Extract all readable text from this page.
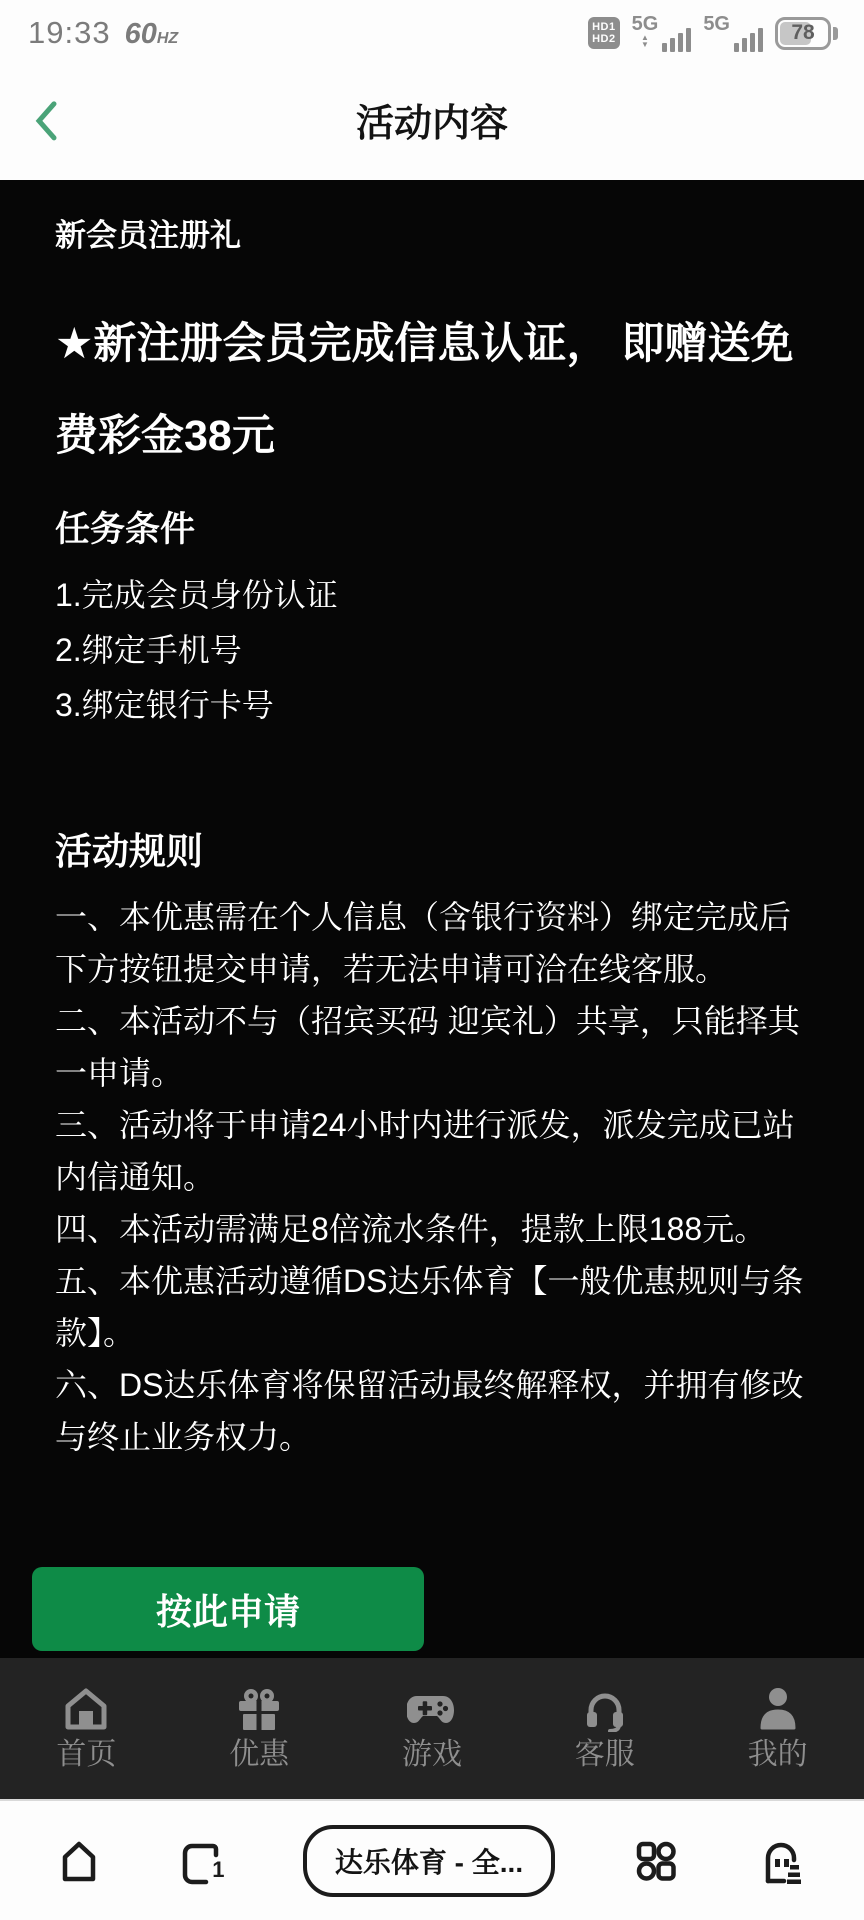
19:33 60HZ
HD1
HD2
5G
▲
▼
5G	78
活动内容
新会员注册礼
★新注册会员完成信息认证， 即赠送免费彩金38元
任务条件
1.完成会员身份认证
2.绑定手机号
3.绑定银行卡号
活动规则

一、本优惠需在个人信息（含银行资料）绑定完成后下方按钮提交申请，若无法申请可洽在线客服。

二、本活动不与（招宾买码 迎宾礼）共享，只能择其一申请。

三、活动将于申请24小时内进行派发，派发完成已站内信通知。

四、本活动需满足8倍流水条件，提款上限188元。

五、本优惠活动遵循DS达乐体育【一般优惠规则与条款】。

六、DS达乐体育将保留活动最终解释权，并拥有修改与终止业务权力。

按此申请
首页	优惠	游戏	客服	我的
1	达乐体育 - 全...
